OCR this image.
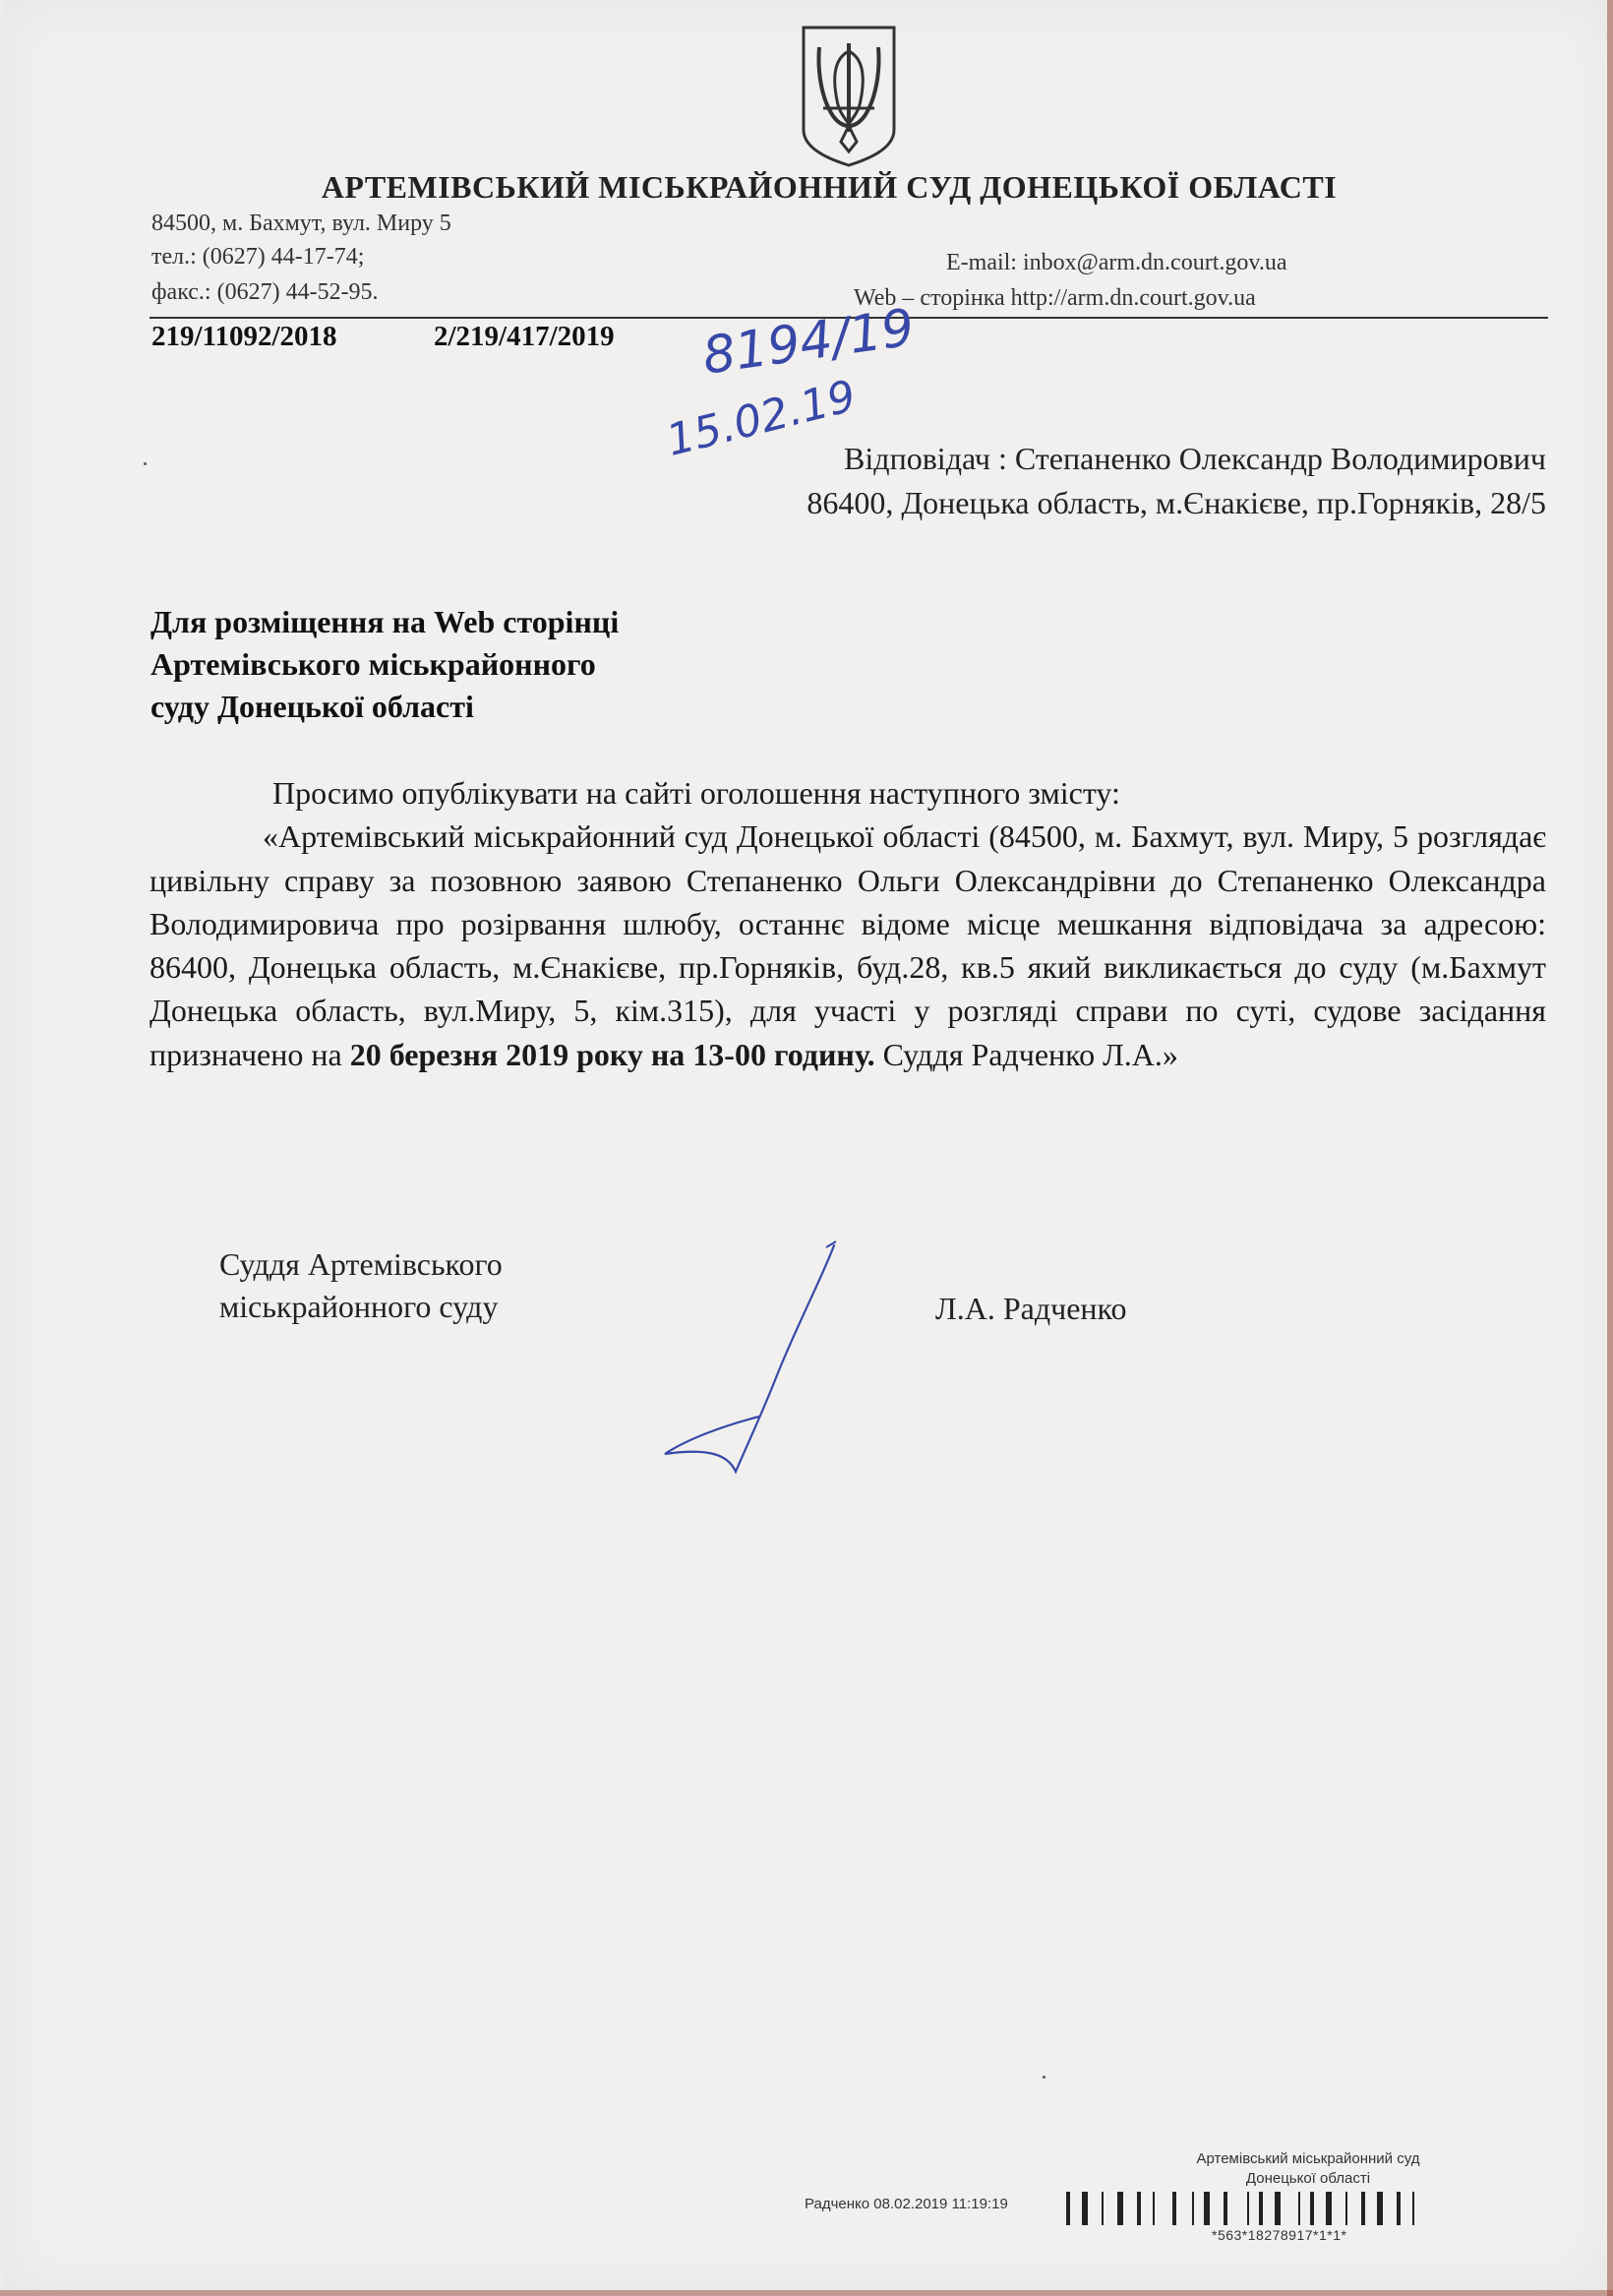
АРТЕМІВСЬКИЙ МІСЬКРАЙОННИЙ СУД ДОНЕЦЬКОЇ ОБЛАСТІ
84500, м. Бахмут, вул. Миру 5
тел.: (0627) 44-17-74;
факс.: (0627) 44-52-95.
E-mail: inbox@arm.dn.court.gov.ua
Web – сторінка http://arm.dn.court.gov.ua
219/11092/2018	2/219/417/2019 8194/19
15.02.19
Відповідач : Степаненко Олександр Володимирович
86400, Донецька область, м.Єнакієве, пр.Горняків, 28/5
Для розміщення на Web сторінці
Артемівського міськрайонного
суду Донецької області

Просимо опублікувати на сайті оголошення наступного змісту:

«Артемівський міськрайонний суд Донецької області (84500, м. Бахмут, вул. Миру, 5 розглядає цивільну справу за позовною заявою Степаненко Ольги Олександрівни до Степаненко Олександра Володимировича про розірвання шлюбу, останнє відоме місце мешкання відповідача за адресою: 86400, Донецька область, м.Єнакієве, пр.Горняків, буд.28, кв.5 який викликається до суду (м.Бахмут Донецька область, вул.Миру, 5, кім.315), для участі у розгляді справи по суті, судове засідання призначено на 20 березня 2019 року на 13-00 годину. Суддя Радченко Л.А.»

Суддя Артемівського
міськрайонного суду	Л.А. Радченко
Артемівський міськрайонний суд
Донецької області
Радченко 08.02.2019 11:19:19
*563*18278917*1*1*
